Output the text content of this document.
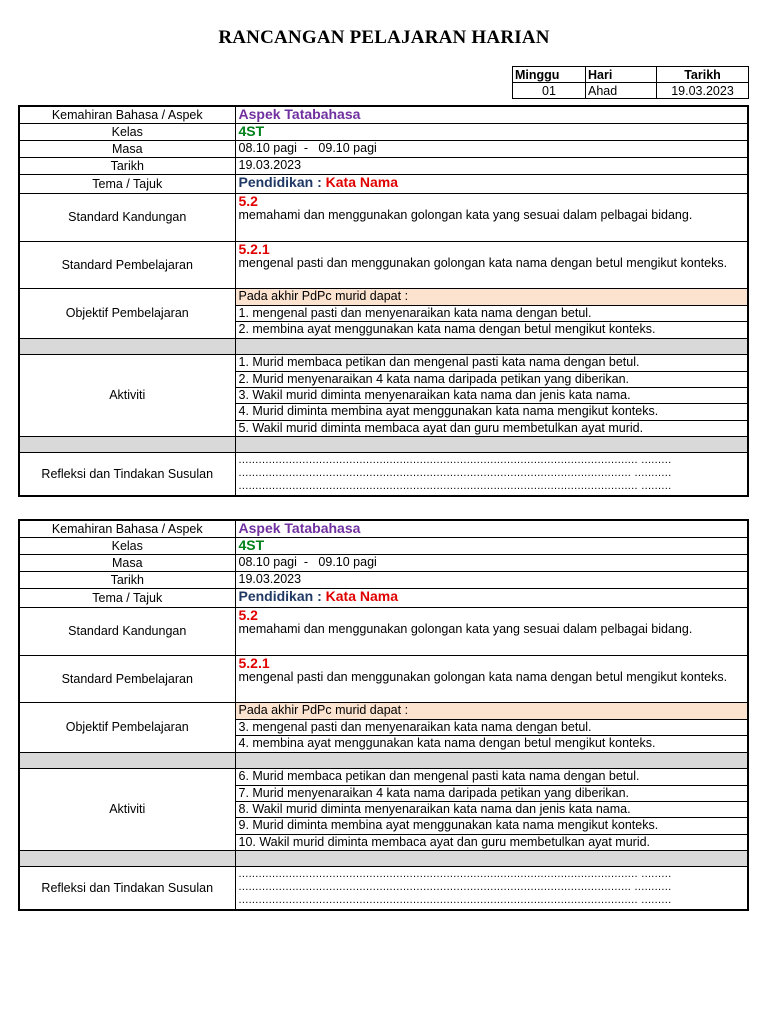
RANCANGAN PELAJARAN HARIAN
Minggu	Hari	Tarikh
01	Ahad	19.03.2023
Kemahiran Bahasa / Aspek	Aspek Tatabahasa
Kelas	4ST
Masa	08.10 pagi  -   09.10 pagi
Tarikh	19.03.2023
Tema / Tajuk	Pendidikan : Kata Nama
Standard Kandungan	5.2
memahami dan menggunakan golongan kata yang sesuai dalam pelbagai bidang.

Standard Pembelajaran	5.2.1
mengenal pasti dan menggunakan golongan kata nama dengan betul mengikut konteks.

Objektif Pembelajaran	Pada akhir PdPc murid dapat :
	1. mengenal pasti dan menyenaraikan kata nama dengan betul.
	2. membina ayat menggunakan kata nama dengan betul mengikut konteks.

Aktiviti	1. Murid membaca petikan dan mengenal pasti kata nama dengan betul.
	2. Murid menyenaraikan 4 kata nama daripada petikan yang diberikan.
	3. Wakil murid diminta menyenaraikan kata nama dan jenis kata nama.
	4. Murid diminta membina ayat menggunakan kata nama mengikut konteks.
	5. Wakil murid diminta membaca ayat dan guru membetulkan ayat murid.

Refleksi dan Tindakan Susulan	....................................................................................................................... .........
..................................................................................................................... ...........
....................................................................................................................... .........
Kemahiran Bahasa / Aspek	Aspek Tatabahasa
Kelas	4ST
Masa	08.10 pagi  -   09.10 pagi
Tarikh	19.03.2023
Tema / Tajuk	Pendidikan : Kata Nama
Standard Kandungan	5.2
memahami dan menggunakan golongan kata yang sesuai dalam pelbagai bidang.

Standard Pembelajaran	5.2.1
mengenal pasti dan menggunakan golongan kata nama dengan betul mengikut konteks.

Objektif Pembelajaran	Pada akhir PdPc murid dapat :
	3. mengenal pasti dan menyenaraikan kata nama dengan betul.
	4. membina ayat menggunakan kata nama dengan betul mengikut konteks.

Aktiviti	6. Murid membaca petikan dan mengenal pasti kata nama dengan betul.
	7. Murid menyenaraikan 4 kata nama daripada petikan yang diberikan.
	8. Wakil murid diminta menyenaraikan kata nama dan jenis kata nama.
	9. Murid diminta membina ayat menggunakan kata nama mengikut konteks.
	10. Wakil murid diminta membaca ayat dan guru membetulkan ayat murid.

Refleksi dan Tindakan Susulan	....................................................................................................................... .........
..................................................................................................................... ...........
....................................................................................................................... .........
